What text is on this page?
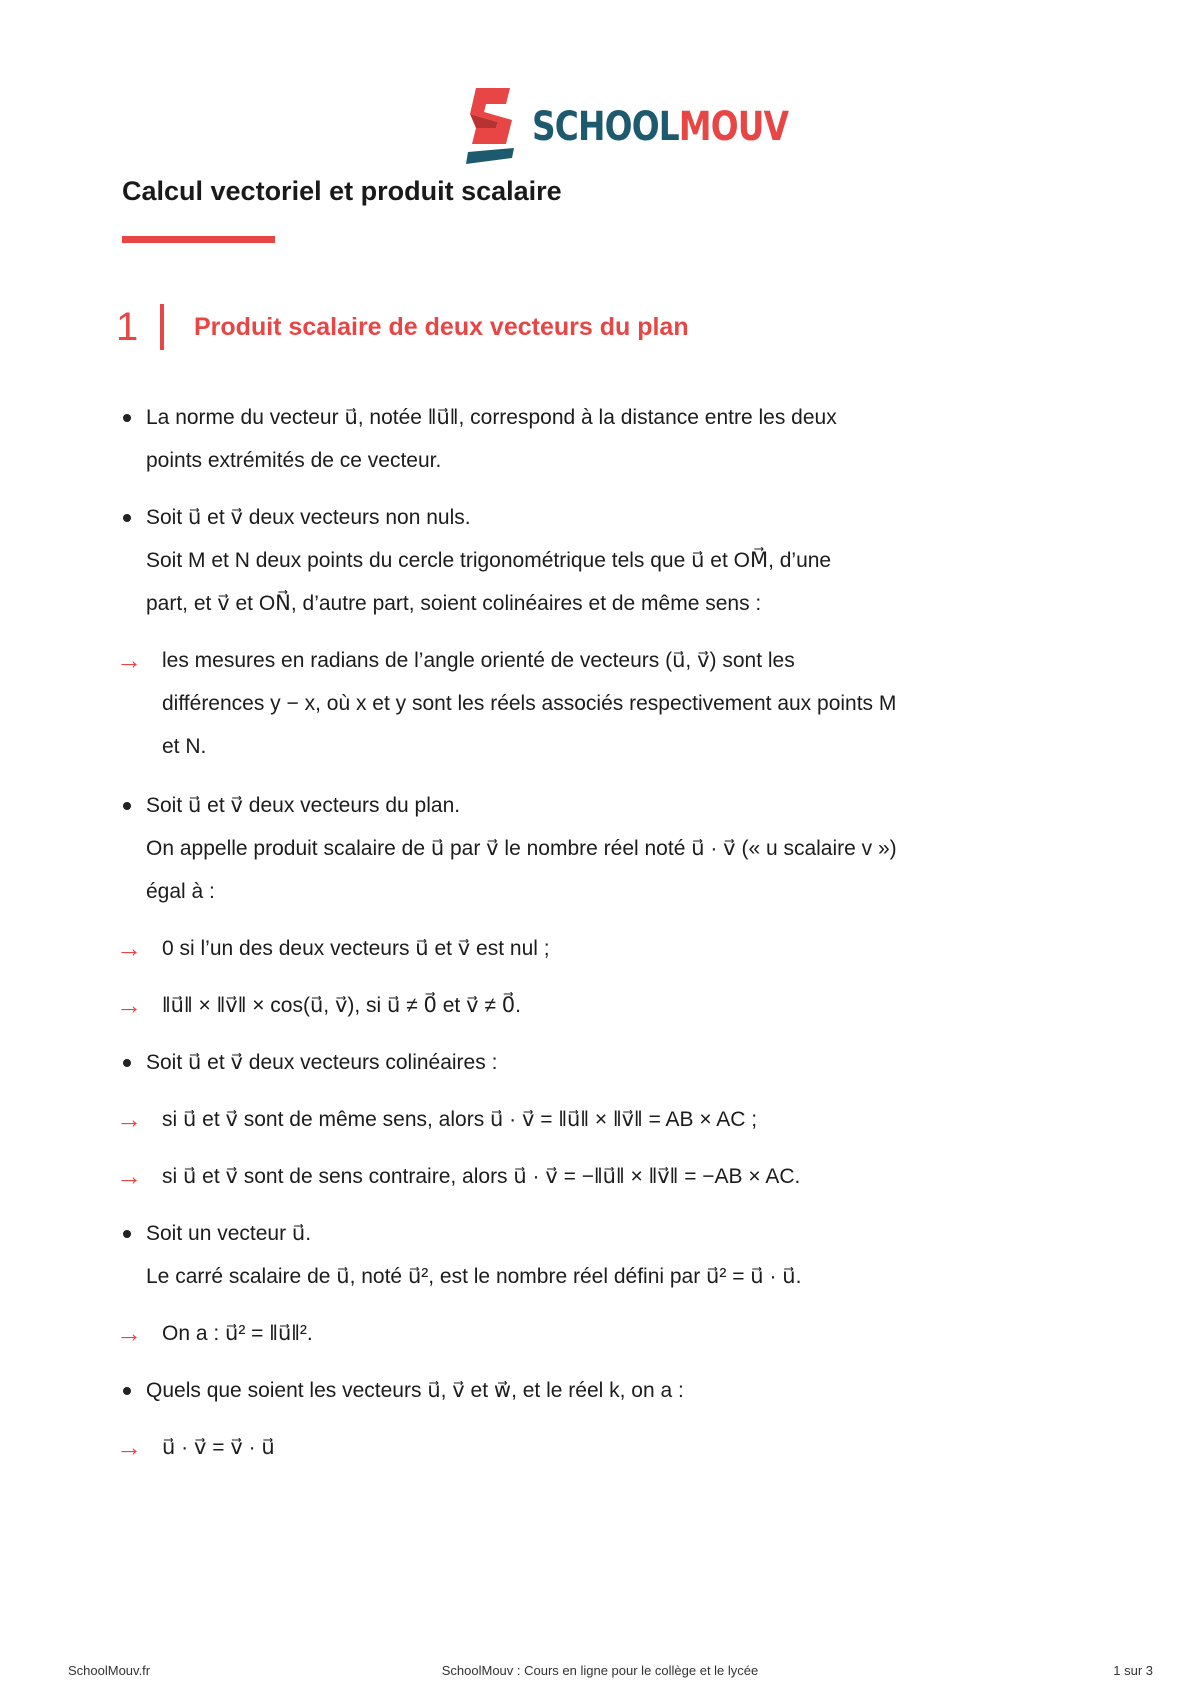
SCHOOLMOUV
Calcul vectoriel et produit scalaire
1	Produit scalaire de deux vecteurs du plan
La norme du vecteur u⃗, notée ‖u⃗‖, correspond à la distance entre les deux
points extrémités de ce vecteur.
Soit u⃗ et v⃗ deux vecteurs non nuls.
Soit M et N deux points du cercle trigonométrique tels que u⃗ et OM⃗, d’une
part, et v⃗ et ON⃗, d’autre part, soient colinéaires et de même sens :
→ les mesures en radians de l’angle orienté de vecteurs (u⃗, v⃗) sont les
différences y − x, où x et y sont les réels associés respectivement aux points M
et N.
Soit u⃗ et v⃗ deux vecteurs du plan.
On appelle produit scalaire de u⃗ par v⃗ le nombre réel noté u⃗ · v⃗ (« u scalaire v »)
égal à :
→ 0 si l’un des deux vecteurs u⃗ et v⃗ est nul ;
→ ‖u⃗‖ × ‖v⃗‖ × cos(u⃗, v⃗), si u⃗ ≠ 0⃗ et v⃗ ≠ 0⃗.
Soit u⃗ et v⃗ deux vecteurs colinéaires :
→ si u⃗ et v⃗ sont de même sens, alors u⃗ · v⃗ = ‖u⃗‖ × ‖v⃗‖ = AB × AC ;
→ si u⃗ et v⃗ sont de sens contraire, alors u⃗ · v⃗ = −‖u⃗‖ × ‖v⃗‖ = −AB × AC.
Soit un vecteur u⃗.
Le carré scalaire de u⃗, noté u⃗², est le nombre réel défini par u⃗² = u⃗ · u⃗.
→ On a : u⃗² = ‖u⃗‖².
Quels que soient les vecteurs u⃗, v⃗ et w⃗, et le réel k, on a :
→ u⃗ · v⃗ = v⃗ · u⃗
SchoolMouv.fr	SchoolMouv : Cours en ligne pour le collège et le lycée	1 sur 3
